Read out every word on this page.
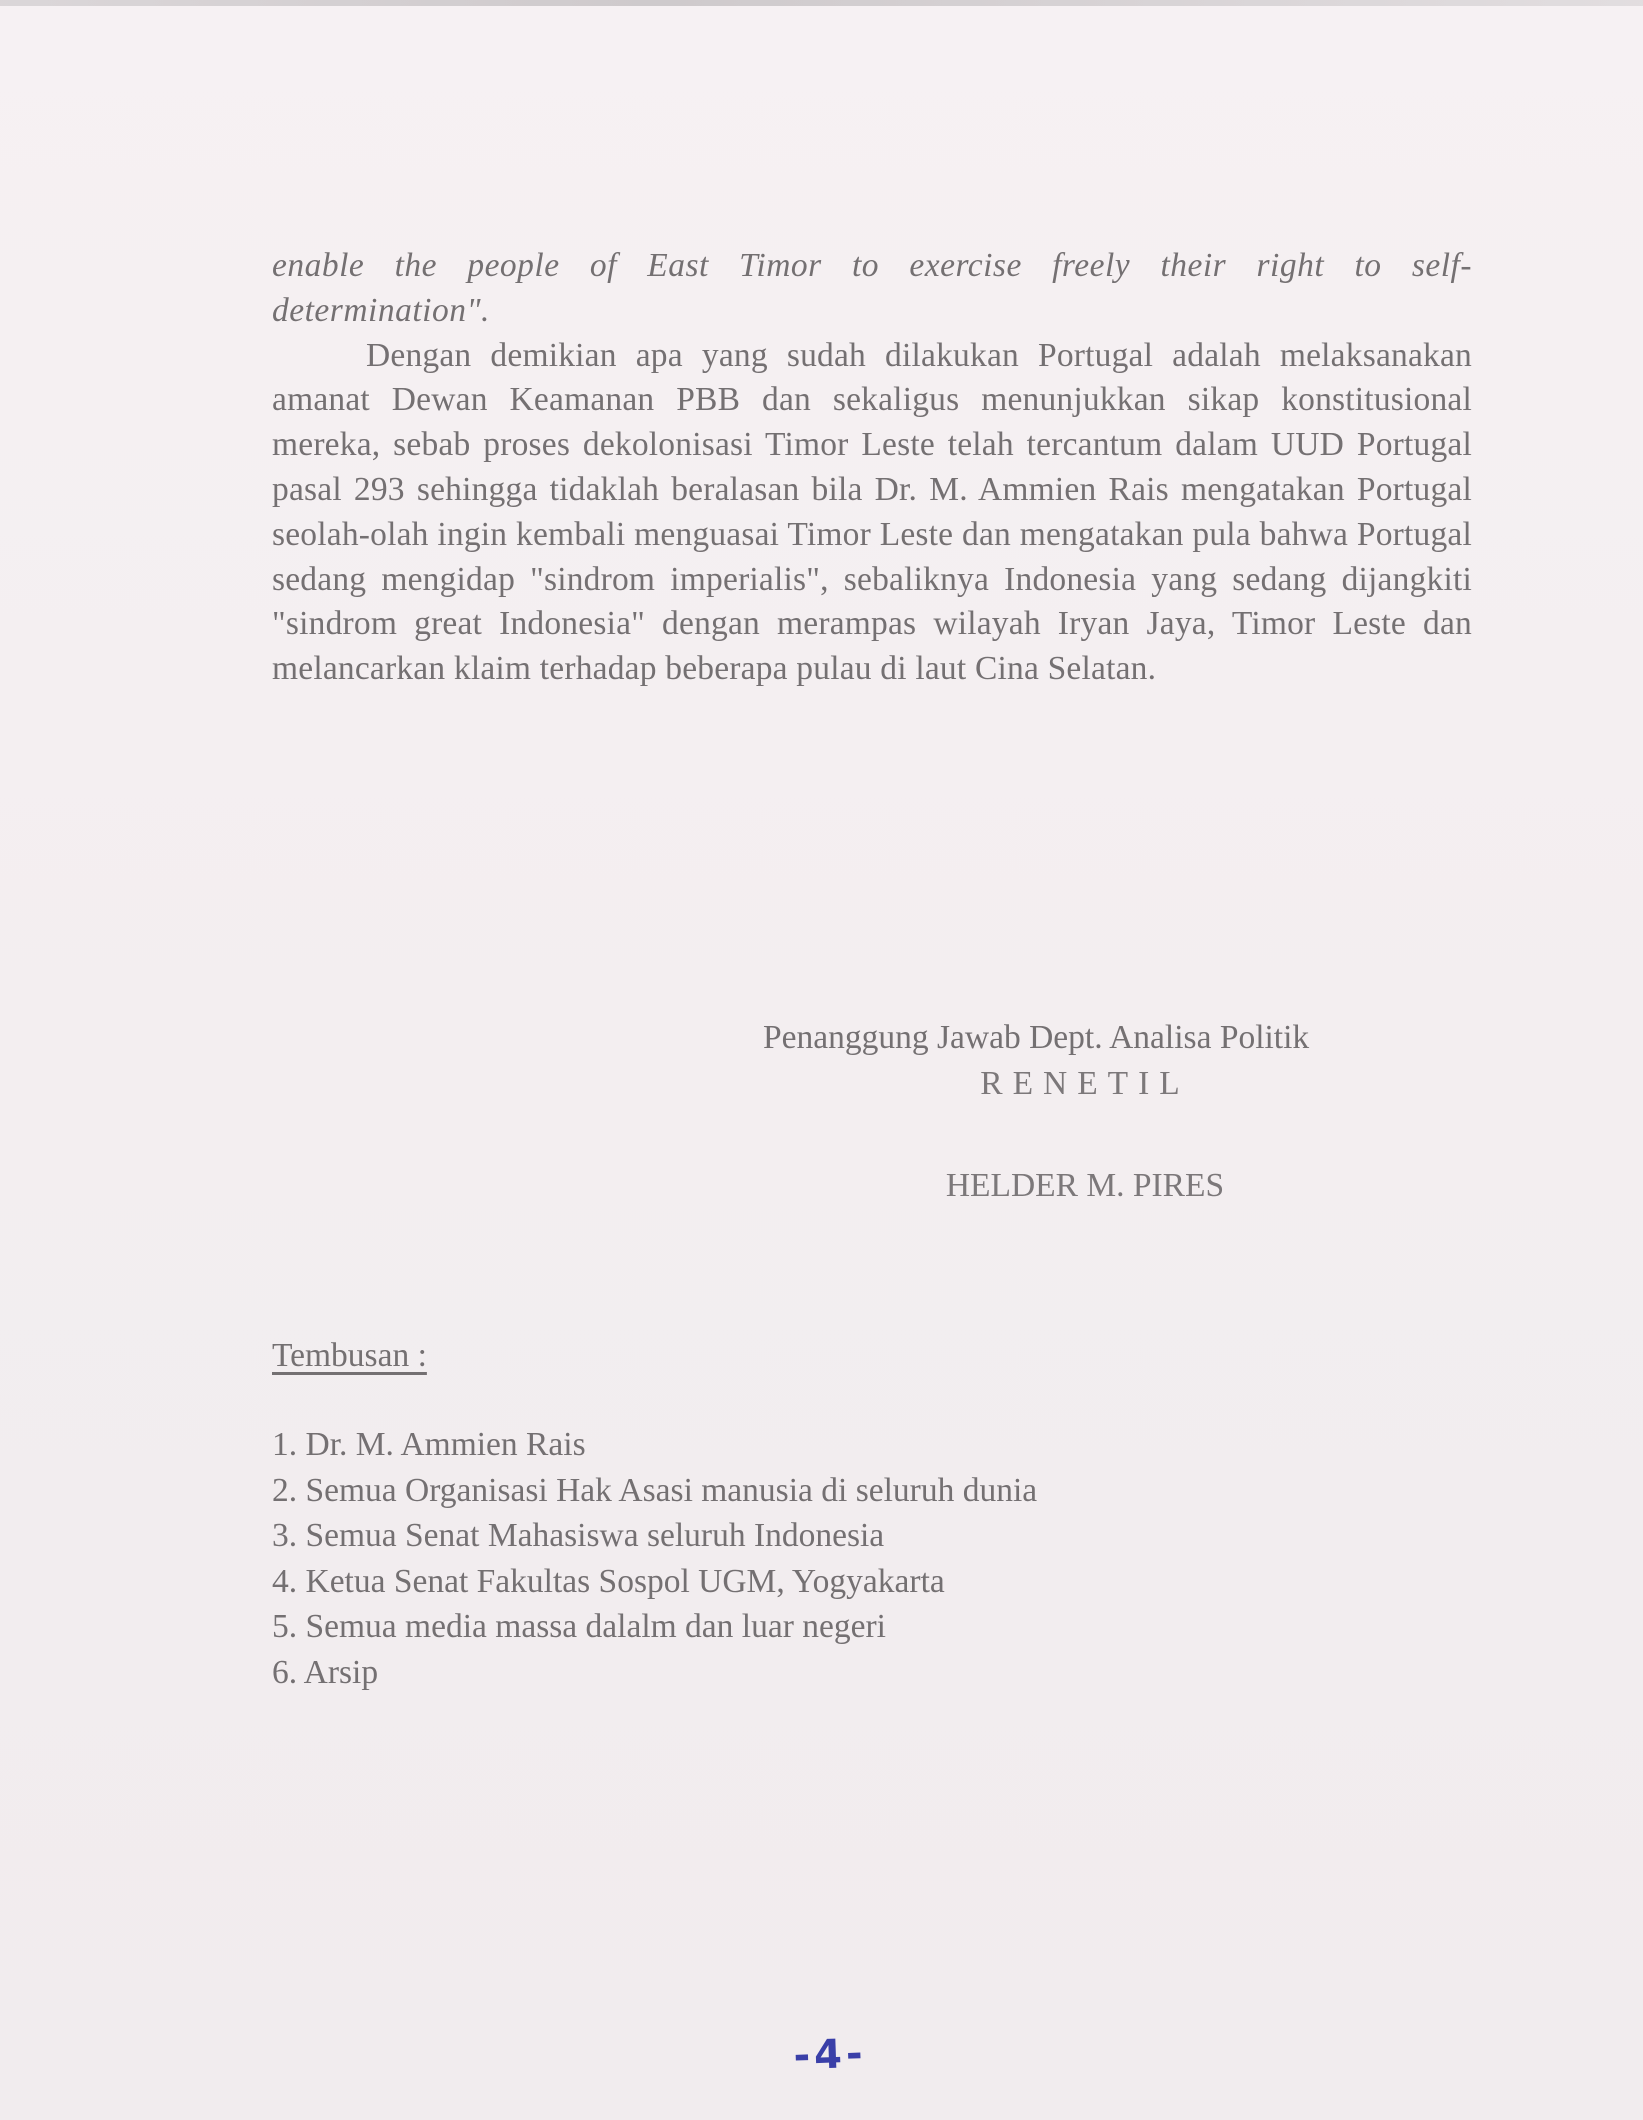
enable the people of East Timor to exercise freely their right to self-
determination".

Dengan demikian apa yang sudah dilakukan Portugal adalah melaksanakan amanat Dewan Keamanan PBB dan sekaligus menunjukkan sikap konstitusional mereka, sebab proses dekolonisasi Timor Leste telah tercantum dalam UUD Portugal pasal 293 sehingga tidaklah beralasan bila Dr. M. Ammien Rais mengatakan Portugal seolah-olah ingin kembali menguasai Timor Leste dan mengatakan pula bahwa Portugal sedang mengidap "sindrom imperialis", sebaliknya Indonesia yang sedang dijangkiti "sindrom great Indonesia" dengan merampas wilayah Iryan Jaya, Timor Leste dan melancarkan klaim terhadap beberapa pulau di laut Cina Selatan.

Penanggung Jawab Dept. Analisa Politik
RENETIL
HELDER M. PIRES
Tembusan :
1. Dr. M. Ammien Rais
2. Semua Organisasi Hak Asasi manusia di seluruh dunia
3. Semua Senat Mahasiswa seluruh Indonesia
4. Ketua Senat Fakultas Sospol UGM, Yogyakarta
5. Semua media massa dalalm dan luar negeri
6. Arsip
-4-
